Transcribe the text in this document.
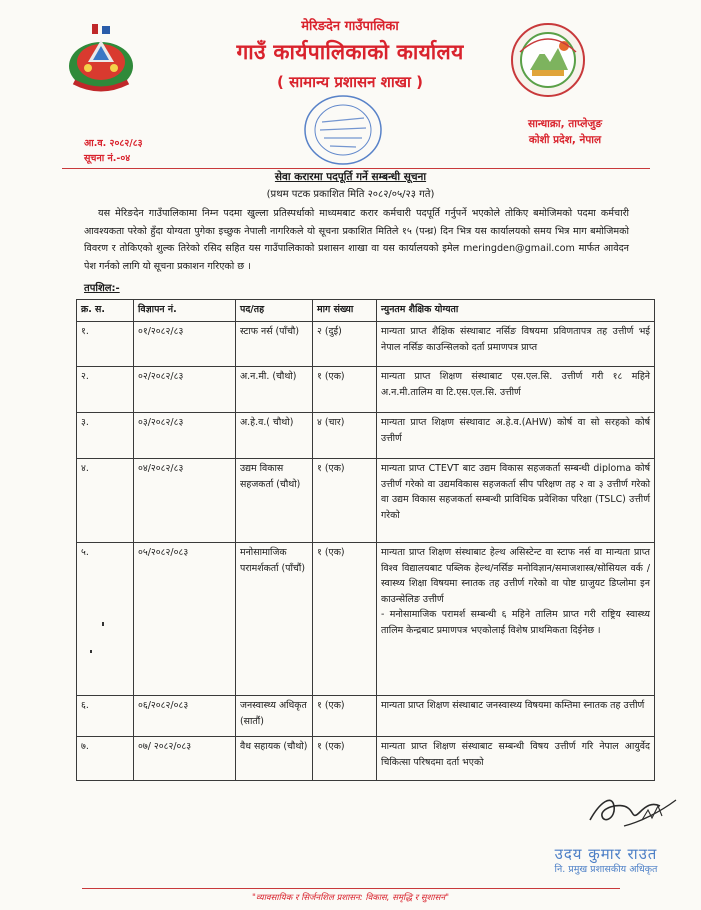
मेरिङदेन गाउँपालिका
गाउँ कार्यपालिकाको कार्यालय
( सामान्य प्रशासन शाखा )
आ.व. २०८२/८३
सूचना नं.-०४
सान्धाक्रा, ताप्लेजुङ
कोशी प्रदेश, नेपाल
सेवा करारमा पदपूर्ति गर्ने सम्बन्धी सूचना
(प्रथम पटक प्रकाशित मिति २०८२/०५/२३ गते)
यस मेरिङदेन गाउँपालिकामा निम्न पदमा खुल्ला प्रतिस्पर्धाको माध्यमबाट करार कर्मचारी पदपूर्ति गर्नुपर्ने भएकोले तोकिए बमोजिमको पदमा कर्मचारी आवश्यकता परेको हुँदा योग्यता पुगेका इच्छुक नेपाली नागरिकले यो सूचना प्रकाशित मितिले १५ (पन्ध्र) दिन भित्र यस कार्यालयको समय भित्र माग बमोजिमको विवरण र तोकिएको शुल्क तिरेको रसिद सहित यस गाउँपालिकाको प्रशासन शाखा वा यस कार्यालयको इमेल meringden@gmail.com मार्फत आवेदन पेश गर्नको लागि यो सूचना प्रकाशन गरिएको छ ।
तपशिल:-
क्र. स.	विज्ञापन नं.	पद/तह	माग संख्या	न्युनतम शैक्षिक योग्यता
१.	०१/२०८२/८३	स्टाफ नर्स (पाँचौ)	२ (दुई)	मान्यता प्राप्त शैक्षिक संस्थाबाट नर्सिङ विषयमा प्रविणतापत्र तह उत्तीर्ण भई नेपाल नर्सिङ काउन्सिलको दर्ता प्रमाणपत्र प्राप्त
२.	०२/२०८२/८३	अ.न.मी. (चौथो)	१ (एक)	मान्यता प्राप्त शिक्षण संस्थाबाट एस.एल.सि. उत्तीर्ण गरी १८ महिने अ.न.मी.तालिम वा टि.एस.एल.सि. उत्तीर्ण
३.	०३/२०८२/८३	अ.हे.व.( चौथो)	४ (चार)	मान्यता प्राप्त शिक्षण संस्थावाट अ.हे.व.(AHW) कोर्ष वा सो सरहको कोर्ष उत्तीर्ण
४.	०४/२०८२/८३	उद्यम विकास सहजकर्ता (चौथो)	१ (एक)	मान्यता प्राप्त CTEVT बाट उद्यम विकास सहजकर्ता सम्बन्धी diploma कोर्ष उत्तीर्ण गरेको वा उद्यमविकास सहजकर्ता सीप परिक्षण तह २ वा ३ उत्तीर्ण गरेको वा उद्यम विकास सहजकर्ता सम्बन्धी प्राविधिक प्रवेशिका परिक्षा (TSLC) उत्तीर्ण गरेको
५.	०५/२०८२/०८३	मनोसामाजिक परामर्शकर्ता (पाँचौं)	१ (एक)	मान्यता प्राप्त शिक्षण संस्थाबाट हेल्थ असिस्टेन्ट वा स्टाफ नर्स वा मान्यता प्राप्त विश्व विद्यालयबाट पब्लिक हेल्थ/नर्सिङ मनोविज्ञान/समाजशास्त्र/सोसियल वर्क /स्वास्थ्य शिक्षा विषयमा स्नातक तह उत्तीर्ण गरेको वा पोष्ट ग्राजुयट डिप्लोमा इन काउन्सेलिङ उत्तीर्ण
- मनोसामाजिक परामर्श सम्बन्धी ६ महिने तालिम प्राप्त गरी राष्ट्रिय स्वास्थ्य तालिम केन्द्रबाट प्रमाणपत्र भएकोलाई विशेष प्राथमिकता दिईनेछ ।

६.	०६/२०८२/०८३	जनस्वास्थ्य अधिकृत (सातौं)	१ (एक)	मान्यता प्राप्त शिक्षण संस्थाबाट जनस्वास्थ्य विषयमा कम्तिमा स्नातक तह उत्तीर्ण
७.	०७/ २०८२/०८३	वैध सहायक (चौथो)	१ (एक)	मान्यता प्राप्त शिक्षण संस्थाबाट सम्बन्धी विषय उत्तीर्ण गरि नेपाल आयुर्वेद चिकित्सा परिषदमा दर्ता भएको
उदय कुमार राउत
नि. प्रमुख प्रशासकीय अधिकृत
"व्यावसायिक र सिर्जनशिल प्रशासन: विकास, समृद्धि र सुशासन"
